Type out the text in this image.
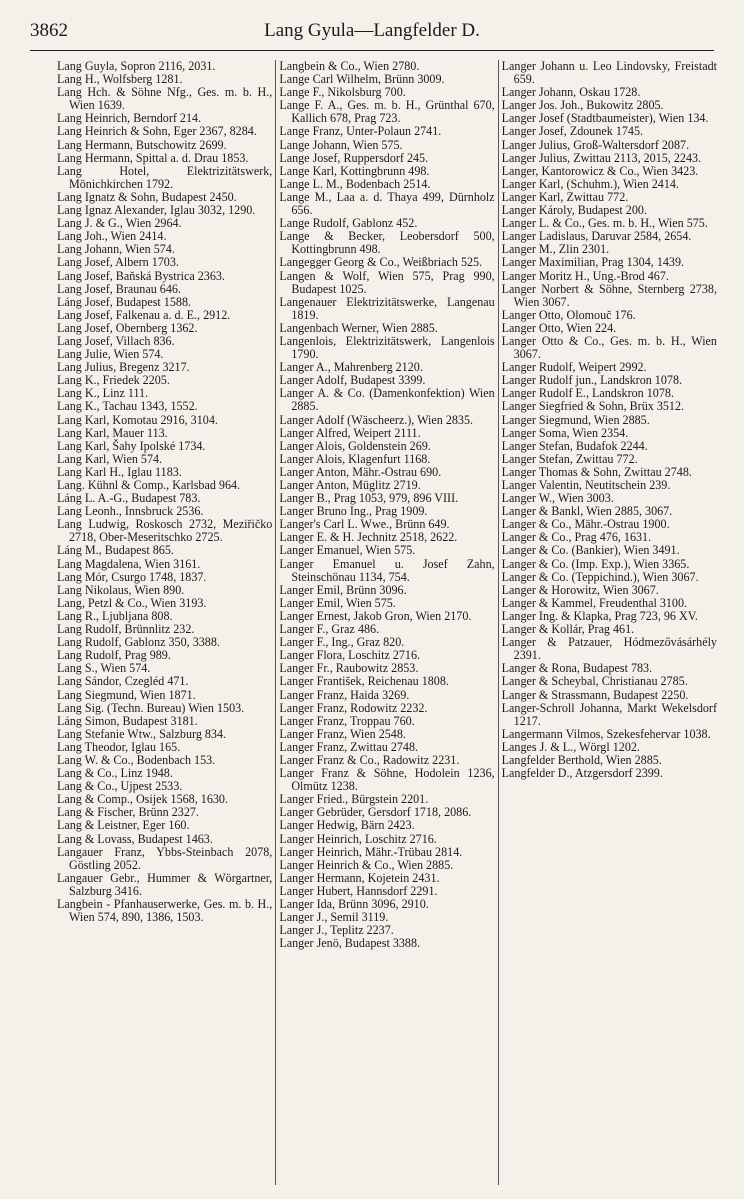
3862	Lang Gyula—Langfelder D.

Lang Guyla, Sopron 2116, 2031.

Lang H., Wolfsberg 1281.

Lang Hch. & Söhne Nfg., Ges. m. b. H., Wien 1639.

Lang Heinrich, Berndorf 214.

Lang Heinrich & Sohn, Eger 2367, 8284.

Lang Hermann, Butschowitz 2699.

Lang Hermann, Spittal a. d. Drau 1853.

Lang Hotel, Elektrizitätswerk, Mönichkirchen 1792.

Lang Ignatz & Sohn, Budapest 2450.

Lang Ignaz Alexander, Iglau 3032, 1290.

Lang J. & G., Wien 2964.

Lang Joh., Wien 2414.

Lang Johann, Wien 574.

Lang Josef, Albern 1703.

Lang Josef, Baňská Bystrica 2363.

Lang Josef, Braunau 646.

Láng Josef, Budapest 1588.

Lang Josef, Falkenau a. d. E., 2912.

Lang Josef, Obernberg 1362.

Lang Josef, Villach 836.

Lang Julie, Wien 574.

Lang Julius, Bregenz 3217.

Lang K., Friedek 2205.

Lang K., Linz 111.

Lang K., Tachau 1343, 1552.

Lang Karl, Komotau 2916, 3104.

Lang Karl, Mauer 113.

Lang Karl, Šahy Ipolské 1734.

Lang Karl, Wien 574.

Lang Karl H., Iglau 1183.

Lang. Kühnl & Comp., Karlsbad 964.

Láng L. A.-G., Budapest 783.

Lang Leonh., Innsbruck 2536.

Lang Ludwig, Roskosch 2732, Meziřičko 2718, Ober-Meseritschko 2725.

Láng M., Budapest 865.

Lang Magdalena, Wien 3161.

Lang Mór, Csurgo 1748, 1837.

Lang Nikolaus, Wien 890.

Lang, Petzl & Co., Wien 3193.

Lang R., Ljubljana 808.

Lang Rudolf, Brünnlitz 232.

Lang Rudolf, Gablonz 350, 3388.

Lang Rudolf, Prag 989.

Lang S., Wien 574.

Lang Sándor, Czegléd 471.

Lang Siegmund, Wien 1871.

Lang Sig. (Techn. Bureau) Wien 1503.

Láng Simon, Budapest 3181.

Lang Stefanie Wtw., Salzburg 834.

Lang Theodor, Iglau 165.

Lang W. & Co., Bodenbach 153.

Lang & Co., Linz 1948.

Lang & Co., Ujpest 2533.

Lang & Comp., Osijek 1568, 1630.

Lang & Fischer, Brünn 2327.

Lang & Leistner, Eger 160.

Lang & Lovass, Budapest 1463.

Langauer Franz, Ybbs-Steinbach 2078, Göstling 2052.

Langauer Gebr., Hummer & Wörgartner, Salzburg 3416.

Langbein - Pfanhauserwerke, Ges. m. b. H., Wien 574, 890, 1386, 1503.

Langbein & Co., Wien 2780.

Lange Carl Wilhelm, Brünn 3009.

Lange F., Nikolsburg 700.

Lange F. A., Ges. m. b. H., Grünthal 670, Kallich 678, Prag 723.

Lange Franz, Unter-Polaun 2741.

Lange Johann, Wien 575.

Lange Josef, Ruppersdorf 245.

Lange Karl, Kottingbrunn 498.

Lange L. M., Bodenbach 2514.

Lange M., Laa a. d. Thaya 499, Dürnholz 656.

Lange Rudolf, Gablonz 452.

Lange & Becker, Leobersdorf 500, Kottingbrunn 498.

Langegger Georg & Co., Weißbriach 525.

Langen & Wolf, Wien 575, Prag 990, Budapest 1025.

Langenauer Elektrizitätswerke, Langenau 1819.

Langenbach Werner, Wien 2885.

Langenlois, Elektrizitätswerk, Langenlois 1790.

Langer A., Mahrenberg 2120.

Langer Adolf, Budapest 3399.

Langer A. & Co. (Damenkonfektion) Wien 2885.

Langer Adolf (Wäscheerz.), Wien 2835.

Langer Alfred, Weipert 2111.

Langer Alois, Goldenstein 269.

Langer Alois, Klagenfurt 1168.

Langer Anton, Mähr.-Ostrau 690.

Langer Anton, Müglitz 2719.

Langer B., Prag 1053, 979, 896 VIII.

Langer Bruno Ing., Prag 1909.

Langer's Carl L. Wwe., Brünn 649.

Langer E. & H. Jechnitz 2518, 2622.

Langer Emanuel, Wien 575.

Langer Emanuel u. Josef Zahn, Steinschönau 1134, 754.

Langer Emil, Brünn 3096.

Langer Emil, Wien 575.

Langer Ernest, Jakob Gron, Wien 2170.

Langer F., Graz 486.

Langer F., Ing., Graz 820.

Langer Flora, Loschitz 2716.

Langer Fr., Raubowitz 2853.

Langer František, Reichenau 1808.

Langer Franz, Haida 3269.

Langer Franz, Rodowitz 2232.

Langer Franz, Troppau 760.

Langer Franz, Wien 2548.

Langer Franz, Zwittau 2748.

Langer Franz & Co., Radowitz 2231.

Langer Franz & Söhne, Hodolein 1236, Olmütz 1238.

Langer Fried., Bürgstein 2201.

Langer Gebrüder, Gersdorf 1718, 2086.

Langer Hedwig, Bärn 2423.

Langer Heinrich, Loschitz 2716.

Langer Heinrich, Mähr.-Trübau 2814.

Langer Heinrich & Co., Wien 2885.

Langer Hermann, Kojetein 2431.

Langer Hubert, Hannsdorf 2291.

Langer Ida, Brünn 3096, 2910.

Langer J., Semil 3119.

Langer J., Teplitz 2237.

Langer Jenö, Budapest 3388.

Langer Johann u. Leo Lindovsky, Freistadt 659.

Langer Johann, Oskau 1728.

Langer Jos. Joh., Bukowitz 2805.

Langer Josef (Stadtbaumeister), Wien 134.

Langer Josef, Zdounek 1745.

Langer Julius, Groß-Waltersdorf 2087.

Langer Julius, Zwittau 2113, 2015, 2243.

Langer, Kantorowicz & Co., Wien 3423.

Langer Karl, (Schuhm.), Wien 2414.

Langer Karl, Zwittau 772.

Langer Károly, Budapest 200.

Langer L. & Co., Ges. m. b. H., Wien 575.

Langer Ladislaus, Daruvar 2584, 2654.

Langer M., Zlin 2301.

Langer Maximilian, Prag 1304, 1439.

Langer Moritz H., Ung.-Brod 467.

Langer Norbert & Söhne, Sternberg 2738, Wien 3067.

Langer Otto, Olomouč 176.

Langer Otto, Wien 224.

Langer Otto & Co., Ges. m. b. H., Wien 3067.

Langer Rudolf, Weipert 2992.

Langer Rudolf jun., Landskron 1078.

Langer Rudolf E., Landskron 1078.

Langer Siegfried & Sohn, Brüx 3512.

Langer Siegmund, Wien 2885.

Langer Soma, Wien 2354.

Langer Stefan, Budafok 2244.

Langer Stefan, Zwittau 772.

Langer Thomas & Sohn, Zwittau 2748.

Langer Valentin, Neutitschein 239.

Langer W., Wien 3003.

Langer & Bankl, Wien 2885, 3067.

Langer & Co., Mähr.-Ostrau 1900.

Langer & Co., Prag 476, 1631.

Langer & Co. (Bankier), Wien 3491.

Langer & Co. (Imp. Exp.), Wien 3365.

Langer & Co. (Teppichind.), Wien 3067.

Langer & Horowitz, Wien 3067.

Langer & Kammel, Freudenthal 3100.

Langer Ing. & Klapka, Prag 723, 96 XV.

Langer & Kollár, Prag 461.

Langer & Patzauer, Hódmezővásárhély 2391.

Langer & Rona, Budapest 783.

Langer & Scheybal, Christianau 2785.

Langer & Strassmann, Budapest 2250.

Langer-Schroll Johanna, Markt Wekelsdorf 1217.

Langermann Vilmos, Szekesfehervar 1038.

Langes J. & L., Wörgl 1202.

Langfelder Berthold, Wien 2885.

Langfelder D., Atzgersdorf 2399.
